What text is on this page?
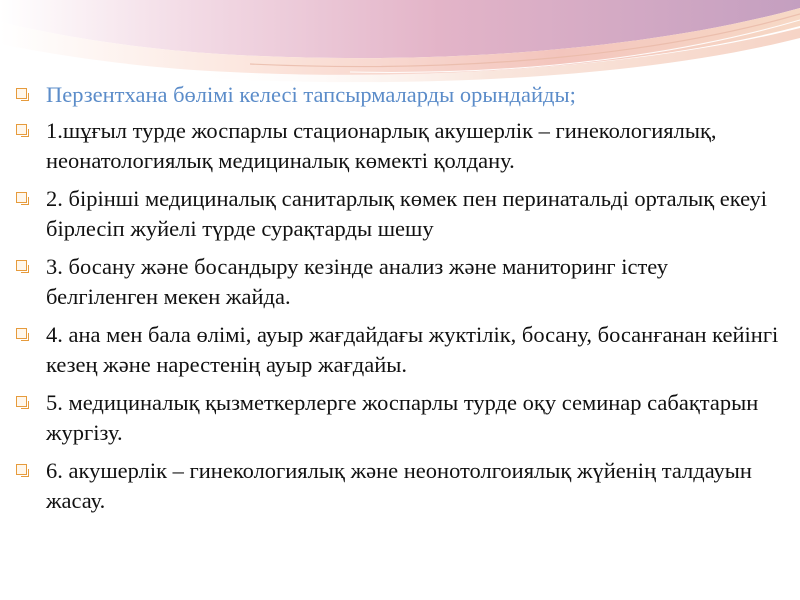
Перзентхана бөлімі келесі тапсырмаларды орындайды;
1.шұғыл турде жоспарлы стационарлық акушерлік – гинекологиялық, неонатологиялық медициналық көмекті қолдану.
2. бірінші медициналық санитарлық көмек пен перинатальді орталық екеуі бірлесіп жуйелі түрде сурақтарды шешу
3. босану және босандыру кезінде анализ және маниторинг істеу белгіленген мекен жайда.
4. ана мен бала өлімі, ауыр жағдайдағы жуктілік, босану, босанғанан кейінгі кезең және нарестенің ауыр жағдайы.
5. медициналық қызметкерлерге жоспарлы турде оқу семинар сабақтарын жургізу.
6. акушерлік – гинекологиялық және неонотолгоиялық жүйенің талдауын жасау.
